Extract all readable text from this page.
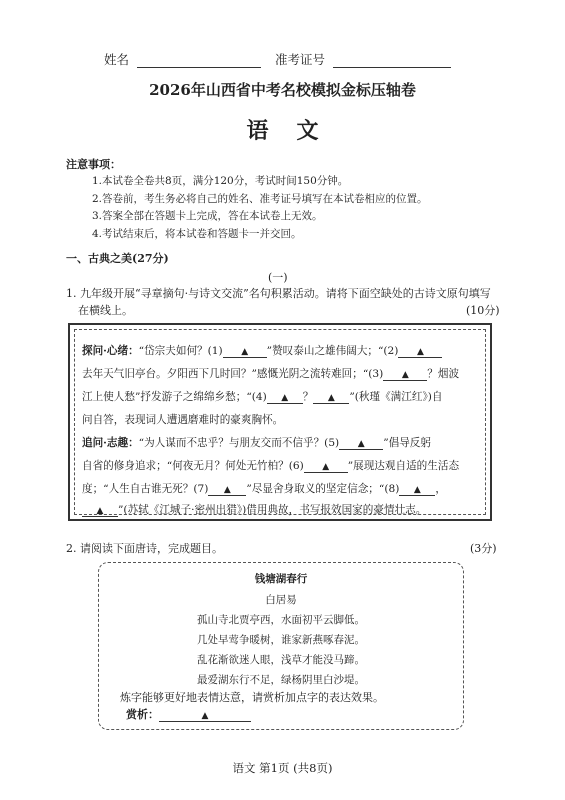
姓名	准考证号
2026年山西省中考名校模拟金标压轴卷
语文
注意事项：
1.本试卷全卷共8页，满分120分，考试时间150分钟。
2.答卷前，考生务必将自己的姓名、准考证号填写在本试卷相应的位置。
3.答案全部在答题卡上完成，答在本试卷上无效。
4.考试结束后，将本试卷和答题卡一并交回。
一、古典之美(27分)
(一)
1. 九年级开展“寻章摘句·与诗文交流”名句积累活动。请将下面空缺处的古诗文原句填写
在横线上。	(10分)
探问·心绪：“岱宗夫如何？(1) ▲ ”赞叹泰山之雄伟阔大；“(2) ▲
去年天气旧亭台。夕阳西下几时回？”感慨光阴之流转难回；“(3) ▲ ？烟波
江上使人愁”抒发游子之绵绵乡愁；“(4) ▲ ？ ▲ ”(秋瑾《满江红》)自
问自答，表现词人遭遇磨难时的豪爽胸怀。
追问·志趣：“为人谋而不忠乎？与朋友交而不信乎？(5) ▲ ”倡导反躬
自省的修身追求；“何夜无月？何处无竹柏？(6) ▲ ”展现达观自适的生活态
度；“人生自古谁无死？(7) ▲ ”尽显舍身取义的坚定信念；“(8) ▲ ，
▲ ”(苏轼《江城子·密州出猎》)借用典故，书写报效国家的豪情壮志。
2. 请阅读下面唐诗，完成题目。	(3分)
钱塘湖春行
白居易
孤山寺北贾亭西，水面初平云脚低。
几处早莺争暖树，谁家新燕啄春泥。
乱花渐欲迷人眼，浅草才能没马蹄。
最爱湖东行不足，绿杨阴里白沙堤。
炼字能够更好地表情达意，请赏析加点字的表达效果。
赏析：	▲
语文 第1页 (共8页)
